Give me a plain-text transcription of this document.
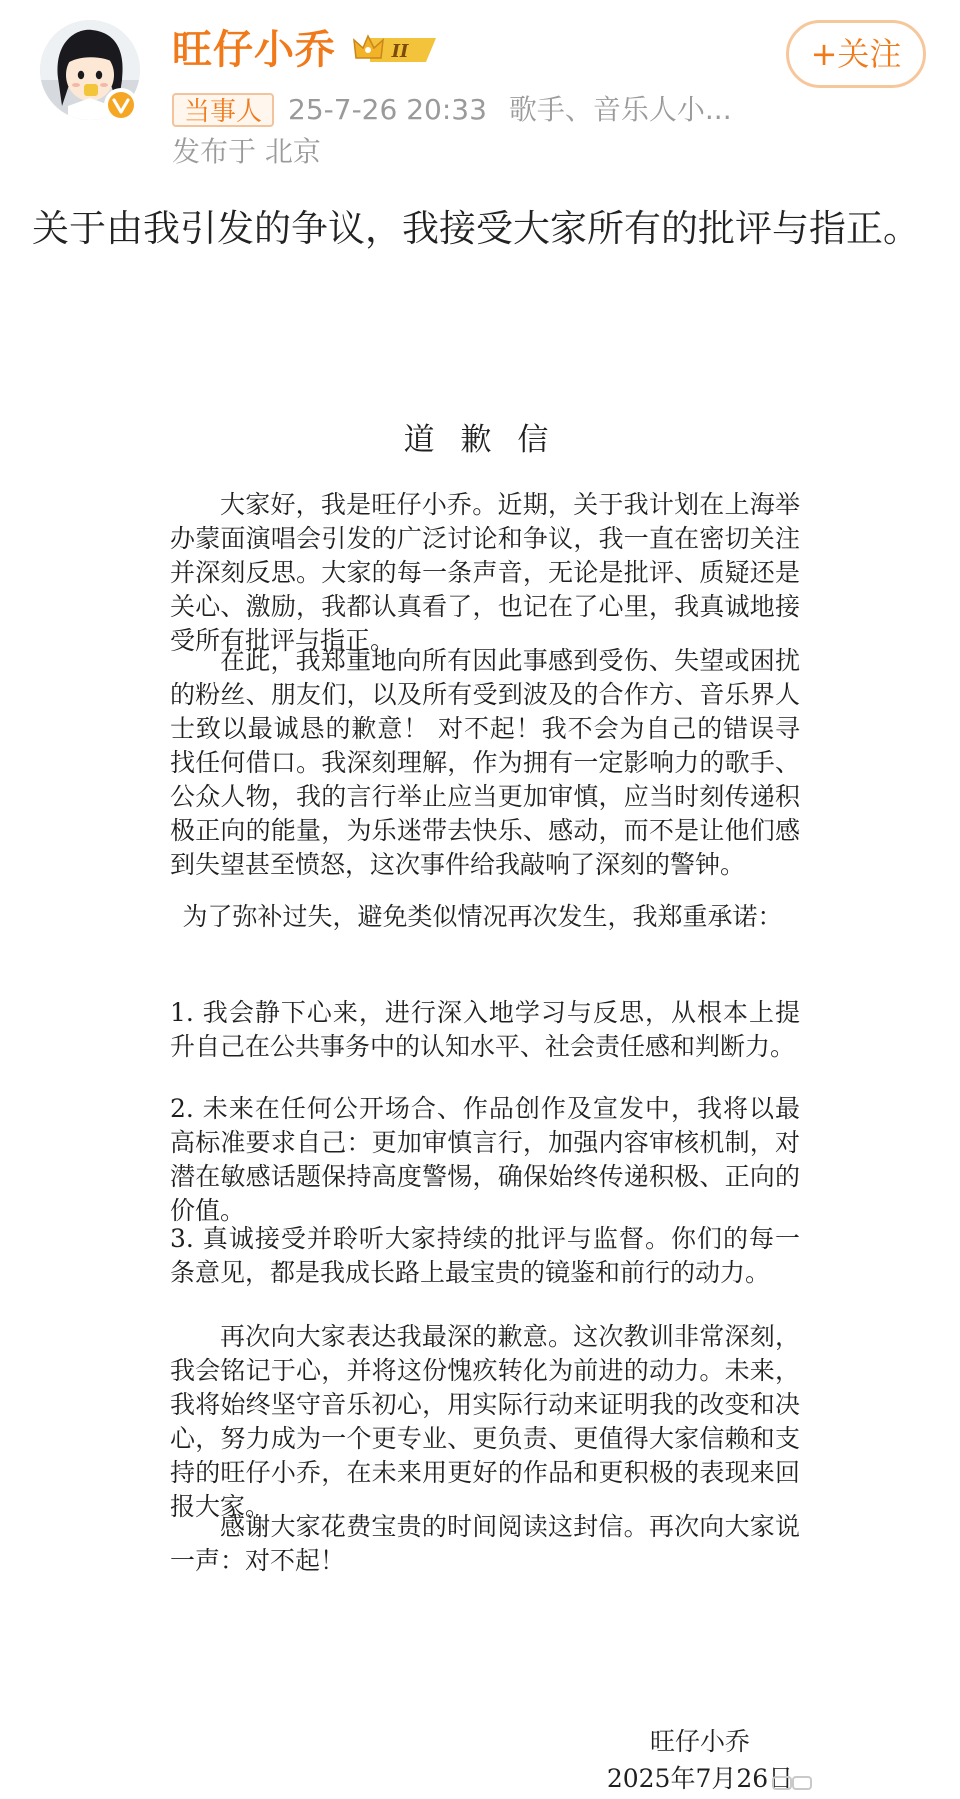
旺仔小乔	II	+关注
当事人 25-7-26 20:33 歌手、音乐人小...
发布于 北京
关于由我引发的争议，我接受大家所有的批评与指正。
道 歉 信
大家好，我是旺仔小乔。近期，关于我计划在上海举办蒙面演唱会引发的广泛讨论和争议，我一直在密切关注并深刻反思。大家的每一条声音，无论是批评、质疑还是关心、激励，我都认真看了，也记在了心里，我真诚地接受所有批评与指正。
在此，我郑重地向所有因此事感到受伤、失望或困扰的粉丝、朋友们，以及所有受到波及的合作方、音乐界人士致以最诚恳的歉意！ 对不起！我不会为自己的错误寻找任何借口。我深刻理解，作为拥有一定影响力的歌手、公众人物，我的言行举止应当更加审慎，应当时刻传递积极正向的能量，为乐迷带去快乐、感动，而不是让他们感到失望甚至愤怒，这次事件给我敲响了深刻的警钟。
为了弥补过失，避免类似情况再次发生，我郑重承诺：
1. 我会静下心来，进行深入地学习与反思，从根本上提升自己在公共事务中的认知水平、社会责任感和判断力。
2. 未来在任何公开场合、作品创作及宣发中，我将以最高标准要求自己：更加审慎言行，加强内容审核机制，对潜在敏感话题保持高度警惕，确保始终传递积极、正向的价值。
3. 真诚接受并聆听大家持续的批评与监督。你们的每一条意见，都是我成长路上最宝贵的镜鉴和前行的动力。
再次向大家表达我最深的歉意。这次教训非常深刻，我会铭记于心，并将这份愧疚转化为前进的动力。未来，我将始终坚守音乐初心，用实际行动来证明我的改变和决心，努力成为一个更专业、更负责、更值得大家信赖和支持的旺仔小乔，在未来用更好的作品和更积极的表现来回报大家。
感谢大家花费宝贵的时间阅读这封信。再次向大家说一声：对不起！
旺仔小乔
2025年7月26日
